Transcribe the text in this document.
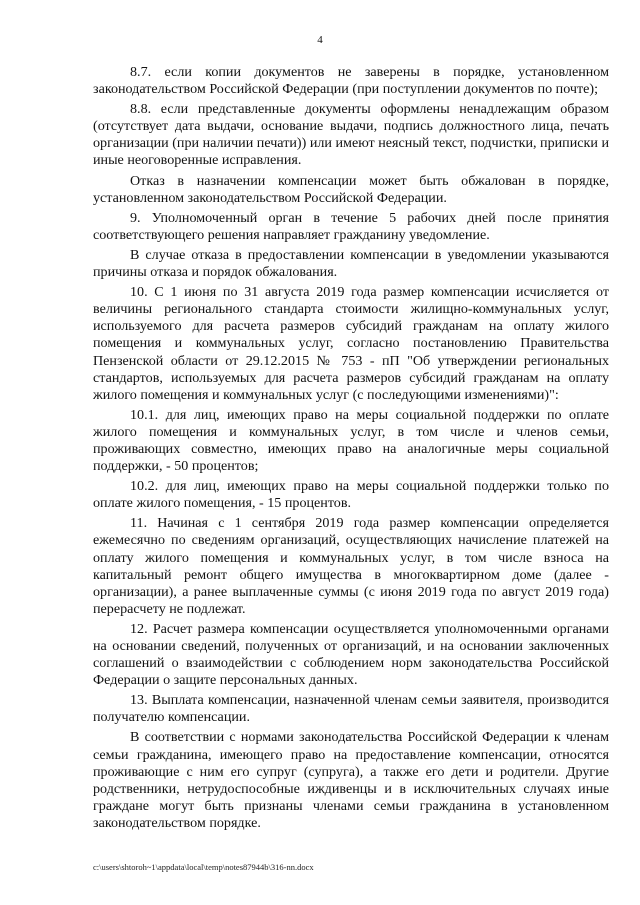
4

8.7. если копии документов не заверены в порядке, установленном законодательством Российской Федерации (при поступлении документов по почте);

8.8. если представленные документы оформлены ненадлежащим образом (отсутствует дата выдачи, основание выдачи, подпись должностного лица, печать организации (при наличии печати)) или имеют неясный текст, подчистки, приписки и иные неоговоренные исправления.

Отказ в назначении компенсации может быть обжалован в порядке, установленном законодательством Российской Федерации.

9. Уполномоченный орган в течение 5 рабочих дней после принятия соответствующего решения направляет гражданину уведомление.

В случае отказа в предоставлении компенсации в уведомлении указываются причины отказа и порядок обжалования.

10. С 1 июня по 31 августа 2019 года размер компенсации исчисляется от величины регионального стандарта стоимости жилищно-коммунальных услуг, используемого для расчета размеров субсидий гражданам на оплату жилого помещения и коммунальных услуг, согласно постановлению Правительства Пензенской области от 29.12.2015 № 753 - пП "Об утверждении региональных стандартов, используемых для расчета размеров субсидий гражданам на оплату жилого помещения и коммунальных услуг (с последующими изменениями)":

10.1. для лиц, имеющих право на меры социальной поддержки по оплате жилого помещения и коммунальных услуг, в том числе и членов семьи, проживающих совместно, имеющих право на аналогичные меры социальной поддержки, - 50 процентов;

10.2. для лиц, имеющих право на меры социальной поддержки только по оплате жилого помещения, - 15 процентов.

11. Начиная с 1 сентября 2019 года размер компенсации определяется ежемесячно по сведениям организаций, осуществляющих начисление платежей на оплату жилого помещения и коммунальных услуг, в том числе взноса на капитальный ремонт общего имущества в многоквартирном доме (далее - организации), а ранее выплаченные суммы (с июня 2019 года по август 2019 года) перерасчету не подлежат.

12. Расчет размера компенсации осуществляется уполномоченными органами на основании сведений, полученных от организаций, и на основании заключенных соглашений о взаимодействии с соблюдением норм законодательства Российской Федерации о защите персональных данных.

13. Выплата компенсации, назначенной членам семьи заявителя, производится получателю компенсации.

В соответствии с нормами законодательства Российской Федерации к членам семьи гражданина, имеющего право на предоставление компенсации, относятся проживающие с ним его супруг (супруга), а также его дети и родители. Другие родственники, нетрудоспособные иждивенцы и в исключительных случаях иные граждане могут быть признаны членами семьи гражданина в установленном законодательством порядке.

c:\users\shtoroh~1\appdata\local\temp\notes87944b\316-nn.docx
